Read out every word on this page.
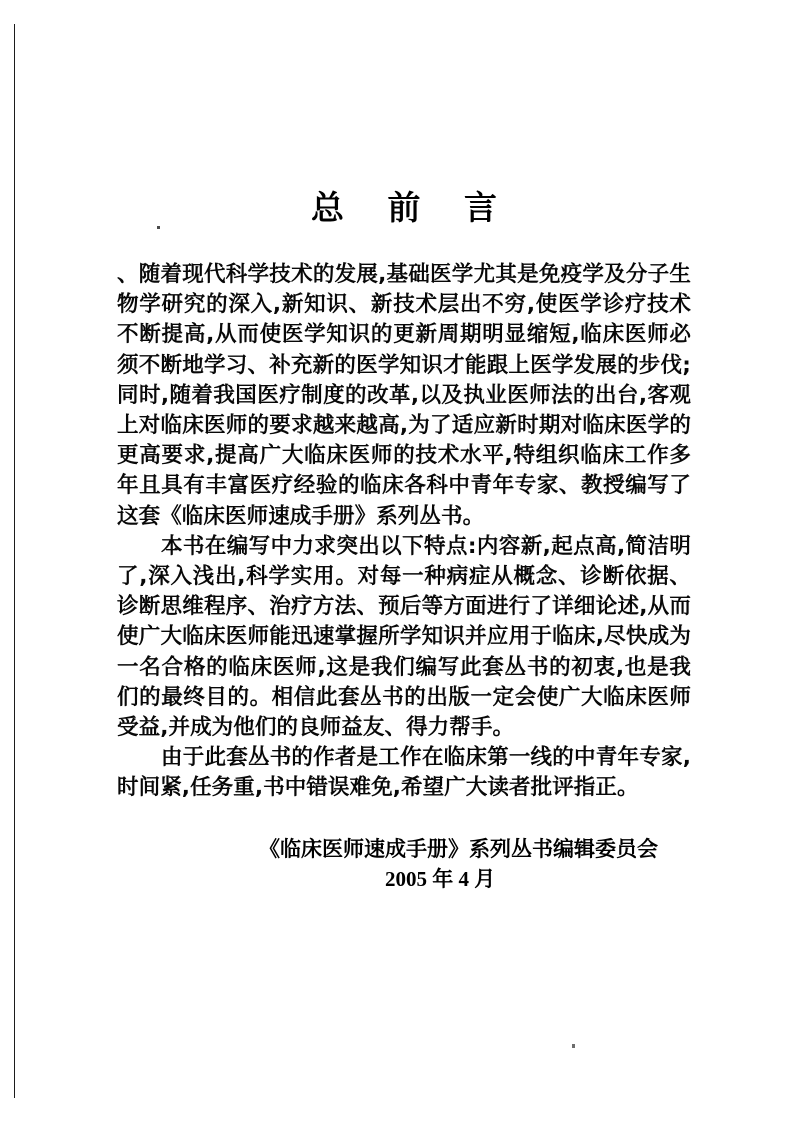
总 前 言

、随着现代科学技术的发展,基础医学尤其是免疫学及分子生物学研究的深入,新知识、新技术层出不穷,使医学诊疗技术不断提高,从而使医学知识的更新周期明显缩短,临床医师必须不断地学习、补充新的医学知识才能跟上医学发展的步伐;同时,随着我国医疗制度的改革,以及执业医师法的出台,客观上对临床医师的要求越来越高,为了适应新时期对临床医学的更高要求,提高广大临床医师的技术水平,特组织临床工作多年且具有丰富医疗经验的临床各科中青年专家、教授编写了这套《临床医师速成手册》系列丛书。

本书在编写中力求突出以下特点:内容新,起点高,简洁明了,深入浅出,科学实用。对每一种病症从概念、诊断依据、诊断思维程序、治疗方法、预后等方面进行了详细论述,从而使广大临床医师能迅速掌握所学知识并应用于临床,尽快成为一名合格的临床医师,这是我们编写此套丛书的初衷,也是我们的最终目的。相信此套丛书的出版一定会使广大临床医师受益,并成为他们的良师益友、得力帮手。

由于此套丛书的作者是工作在临床第一线的中青年专家,时间紧,任务重,书中错误难免,希望广大读者批评指正。

《临床医师速成手册》系列丛书编辑委员会

2005 年 4 月
